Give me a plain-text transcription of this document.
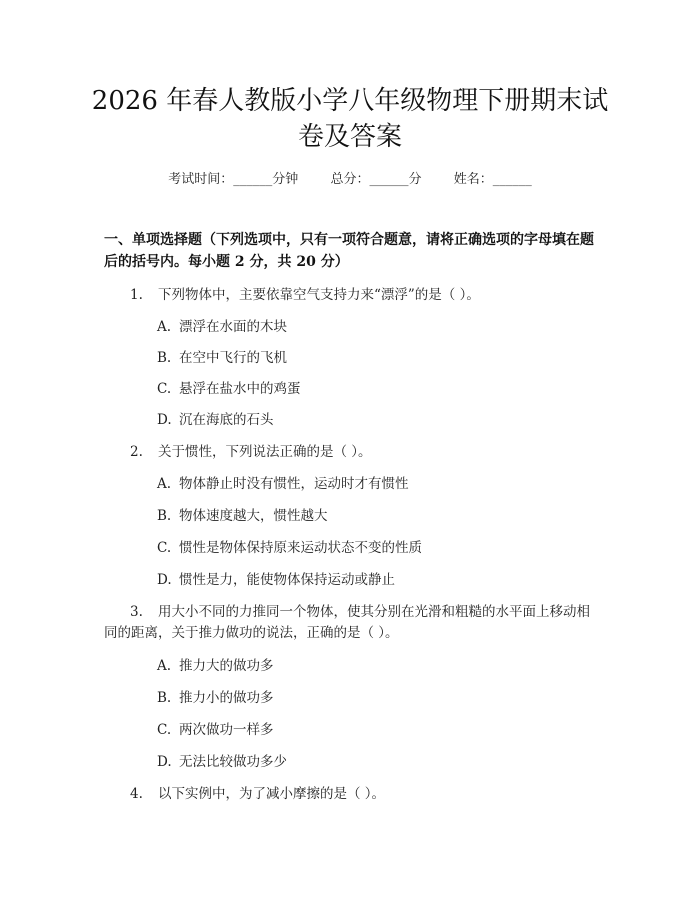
2026 年春人教版小学八年级物理下册期末试
卷及答案
考试时间：______分钟 总分：______分 姓名：______
一、单项选择题（下列选项中，只有一项符合题意，请将正确选项的字母填在题
后的括号内。每小题 2 分，共 20 分）
1. 下列物体中，主要依靠空气支持力来“漂浮”的是（ ）。
A. 漂浮在水面的木块
B. 在空中飞行的飞机
C. 悬浮在盐水中的鸡蛋
D. 沉在海底的石头
2. 关于惯性，下列说法正确的是（ ）。
A. 物体静止时没有惯性，运动时才有惯性
B. 物体速度越大，惯性越大
C. 惯性是物体保持原来运动状态不变的性质
D. 惯性是力，能使物体保持运动或静止
3. 用大小不同的力推同一个物体，使其分别在光滑和粗糙的水平面上移动相
同的距离，关于推力做功的说法，正确的是（ ）。
A. 推力大的做功多
B. 推力小的做功多
C. 两次做功一样多
D. 无法比较做功多少
4. 以下实例中，为了减小摩擦的是（ ）。
